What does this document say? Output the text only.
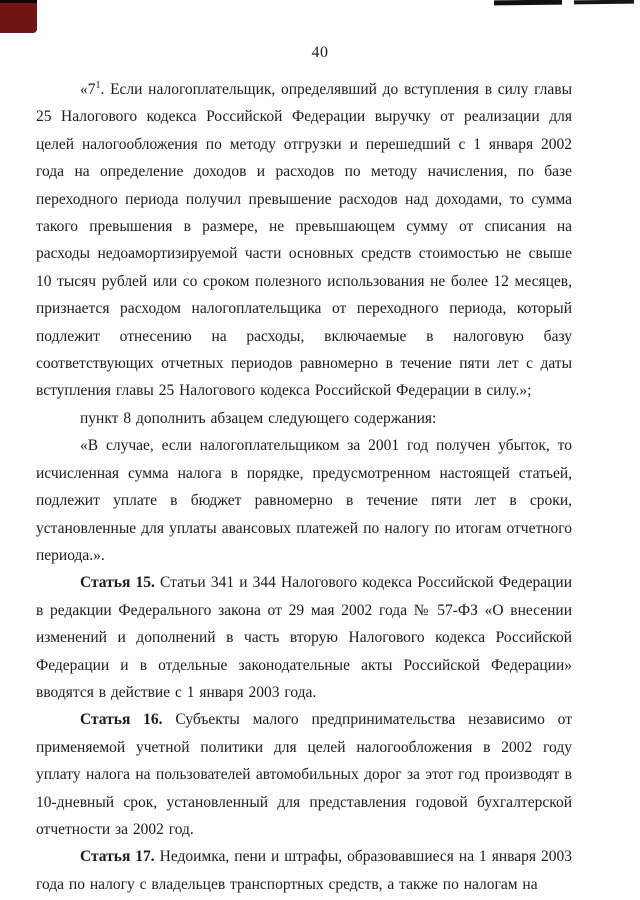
40

«$7^1$. Если налогоплательщик, определявший до вступления в силу главы 25 Налогового кодекса Российской Федерации выручку от реализации для целей налогообложения по методу отгрузки и перешедший с 1 января 2002 года на определение доходов и расходов по методу начисления, по базе переходного периода получил превышение расходов над доходами, то сумма такого превышения в размере, не превышающем сумму от списания на расходы недоамортизируемой части основных средств стоимостью не свыше 10 тысяч рублей или со сроком полезного использования не более 12 месяцев, признается расходом налогоплательщика от переходного периода, который подлежит отнесению на расходы, включаемые в налоговую базу соответствующих отчетных периодов равномерно в течение пяти лет с даты вступления главы 25 Налогового кодекса Российской Федерации в силу.»;

пункт 8 дополнить абзацем следующего содержания:

«В случае, если налогоплательщиком за 2001 год получен убыток, то исчисленная сумма налога в порядке, предусмотренном настоящей статьей, подлежит уплате в бюджет равномерно в течение пяти лет в сроки, установленные для уплаты авансовых платежей по налогу по итогам отчетного периода.».

Статья 15. Статьи 341 и 344 Налогового кодекса Российской Федерации в редакции Федерального закона от 29 мая 2002 года № 57-ФЗ «О внесении изменений и дополнений в часть вторую Налогового кодекса Российской Федерации и в отдельные законодательные акты Российской Федерации» вводятся в действие с 1 января 2003 года.

Статья 16. Субъекты малого предпринимательства независимо от применяемой учетной политики для целей налогообложения в 2002 году уплату налога на пользователей автомобильных дорог за этот год производят в 10-дневный срок, установленный для представления годовой бухгалтерской отчетности за 2002 год.

Статья 17. Недоимка, пени и штрафы, образовавшиеся на 1 января 2003 года по налогу с владельцев транспортных средств, а также по налогам на
